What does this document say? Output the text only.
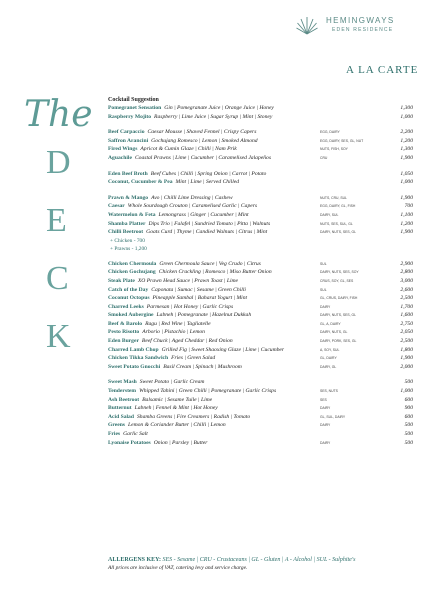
HEMINGWAYS
EDEN RESIDENCE
A LA CARTE
The
D
E
C
K
Cocktail Suggestion
Pomegranet Sensation Gin | Pomegranate Juice | Orange Juice | Honey	1,300
Raspberry Mojito Raspberry | Lime Juice | Sugar Syrup | Mint | Stoney	1,000
Beef Carpaccio Caesar Mousse | Shaved Fennel | Crispy Capers	EGG, DAIRY	2,200
Saffron Arancini Gochujang Romesco | Lemon | Smoked Almond	EGG, DAIRY, SES, GL, NUT	1,200
Fired Wings Apricot & Cumin Glaze | Chilli | Nam Prik	NUTS, FISH, SOY	1,300
Aguachile Coastal Prawns | Lime | Cucumber | Caramelised Jalapeños	CRU	1,900
Eden Beef Broth Beef Cubes | Chilli | Spring Onion | Carrot | Potato	1,050
Coconut, Cucumber & Pea Mint | Lime | Served Chilled	1,000
Prawn & Mango Avo | Chilli Lime Dressing | Cashew	NUTS, CRU, SUL	1,900
Caesar Whole Sourdough Crouton | Caramelised Garlic | Capers	EGG, DAIRY, GL, FISH	700
Watermelon & Feta Lemongrass | Ginger | Cucumber | Mint	DAIRY, SUL	1,100
Shamba Platter Dips Trio | Falafel | Sundried Tomato | Pitta | Walnuts	NUTS, SES, SUL, GL	1,200
Chilli Beetroot Goats Curd | Thyme | Candied Walnuts | Citrus | Mint	DAIRY, NUTS, SES, GL	1,900
+ Chicken - 700
+ Prawns - 1,200
Chicken Chermoula Green Chermoula Sauce | Veg Crudo | Citrus	SUL	2,900
Chicken Gochujang Chicken Crackling | Romesco | Miso Butter Onion	DAIRY, NUTS, SES, SOY	2,800
Steak Plate XO Prawn Head Sauce | Prawn Toast | Lime	CRUS, SOY, GL, SES	3,000
Catch of the Day Caponata | Sumac | Sesame | Green Chilli	SUL	2,600
Coconut Octopus Pineapple Sambal | Baharat Yogurt | Mint	GL, CRUS, DAIRY, FISH	2,500
Charred Leeks Parmesan | Hot Honey | Garlic Crisps	DAIRY	1,700
Smoked Aubergine Labneh | Pomegranate | Hazelnut Dukkah	DAIRY, NUTS, SES, GL	1,600
Beef & Barolo Ragu | Red Wine | Tagliatelle	GL, A, DAIRY	2,750
Pesto Risotto Arborio | Pistachio | Lemon	DAIRY, NUTS, GL	2,050
Eden Burger Beef Chuck | Aged Cheddar | Red Onion	DAIRY, PORK, SES, GL	2,500
Charred Lamb Chop Grilled Fig | Sweet Shaoxing Glaze | Lime | Cucumber	A, SOY, SUL	1,800
Chicken Tikka Sandwich Fries | Green Salad	GL, DAIRY	1,900
Sweet Potato Gnocchi Basil Cream | Spinach | Mushroom	DAIRY, GL	2,000
Sweet Mash Sweet Potato | Garlic Cream	500
Tenderstem Whipped Tahini | Green Chilli | Pomegranate | Garlic Crisps	SES, NUTS	1,000
Ash Beetroot Balsamic | Sesame Tuile | Lime	SES	600
Butternut Labneh | Fennel & Mint | Hot Honey	DAIRY	900
Acid Salad Shamba Greens | Fire Creamers | Radish | Tomato	GL, SUL, DAIRY	600
Greens Lemon & Coriander Butter | Chilli | Lemon	DAIRY	500
Fries Garlic Salt	500
Lyonaise Potatoes Onion | Parsley | Butter	DAIRY	500
ALLERGENS KEY: SES - Sesame | CRU - Crustaceans | GL - Gluten | A - Alcohol | SUL - Sulphite's
All prices are inclusive of VAT, catering levy and service charge.
